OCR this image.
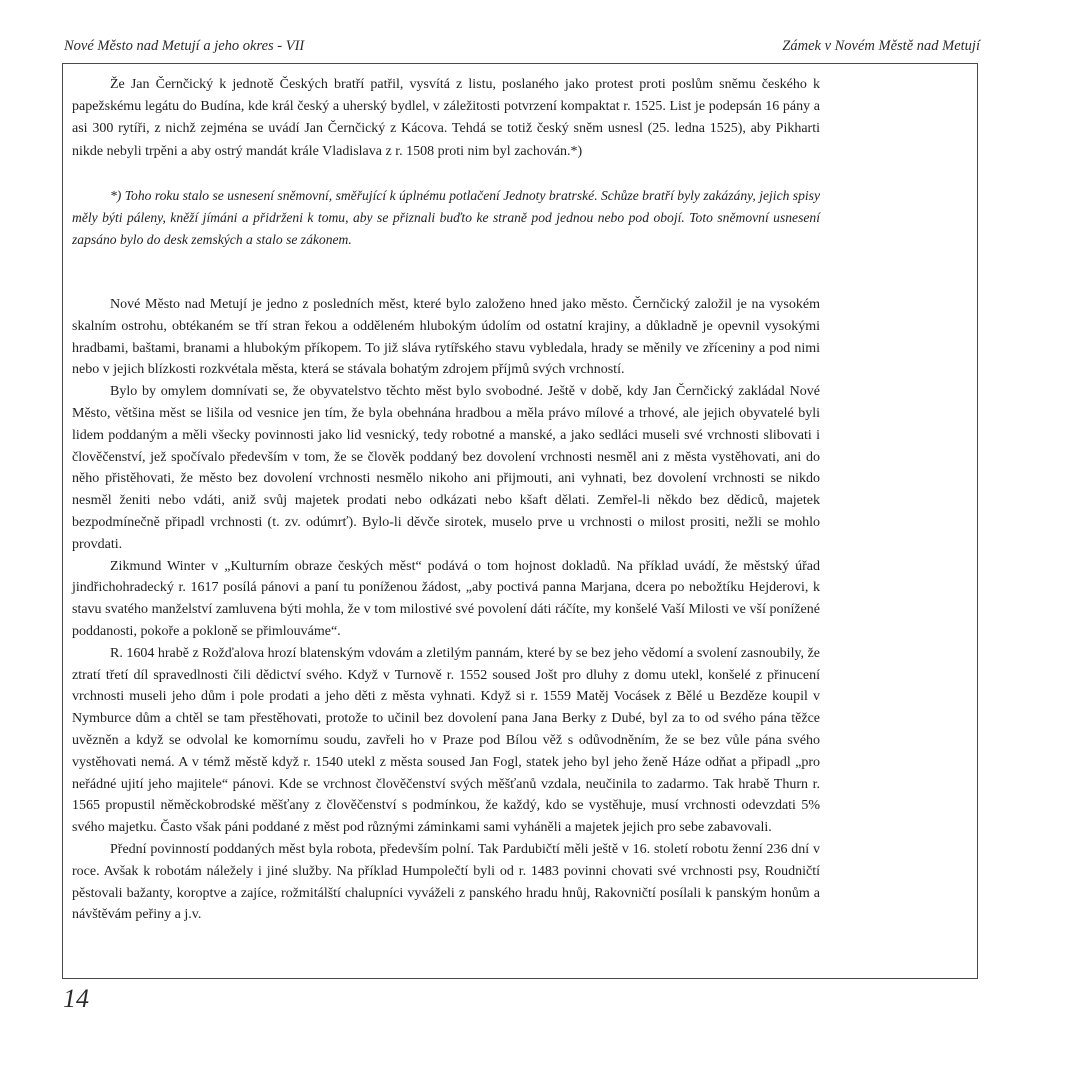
Nové Město nad Metují a jeho okres - VII	Zámek v Novém Městě nad Metují

Že Jan Černčický k jednotě Českých bratří patřil, vysvítá z listu, poslaného jako protest proti poslům sněmu českého k papežskému legátu do Budína, kde král český a uherský bydlel, v záležitosti potvrzení kompaktat r. 1525. List je podepsán 16 pány a asi 300 rytíři, z nichž zejména se uvádí Jan Černčický z Kácova. Tehdá se totiž český sněm usnesl (25. ledna 1525), aby Pikharti nikde nebyli trpěni a aby ostrý mandát krále Vladislava z r. 1508 proti nim byl zachován.*)

*) Toho roku stalo se usnesení sněmovní, směřující k úplnému potlačení Jednoty bratrské. Schůze bratří byly zakázány, jejich spisy měly býti páleny, kněží jímáni a přidrženi k tomu, aby se přiznali buďto ke straně pod jednou nebo pod obojí. Toto sněmovní usnesení zapsáno bylo do desk zemských a stalo se zákonem.

Nové Město nad Metují je jedno z posledních měst, které bylo založeno hned jako město. Černčický založil je na vysokém skalním ostrohu, obtékaném se tří stran řekou a odděleném hlubokým údolím od ostatní krajiny, a důkladně je opevnil vysokými hradbami, baštami, branami a hlubokým příkopem. To již sláva rytířského stavu vybledala, hrady se měnily ve zříceniny a pod nimi nebo v jejich blízkosti rozkvétala města, která se stávala bohatým zdrojem příjmů svých vrchností.

Bylo by omylem domnívati se, že obyvatelstvo těchto měst bylo svobodné. Ještě v době, kdy Jan Černčický zakládal Nové Město, většina měst se lišila od vesnice jen tím, že byla obehnána hradbou a měla právo mílové a trhové, ale jejich obyvatelé byli lidem poddaným a měli všecky povinnosti jako lid vesnický, tedy robotné a manské, a jako sedláci museli své vrchnosti slibovati i člověčenství, jež spočívalo především v tom, že se člověk poddaný bez dovolení vrchnosti nesměl ani z města vystěhovati, ani do něho přistěhovati, že město bez dovolení vrchnosti nesmělo nikoho ani přijmouti, ani vyhnati, bez dovolení vrchnosti se nikdo nesměl ženiti nebo vdáti, aniž svůj majetek prodati nebo odkázati nebo kšaft dělati. Zemřel-li někdo bez dědiců, majetek bezpodmínečně připadl vrchnosti (t. zv. odúmrť). Bylo-li děvče sirotek, muselo prve u vrchnosti o milost prositi, nežli se mohlo provdati.

Zikmund Winter v „Kulturním obraze českých měst“ podává o tom hojnost dokladů. Na příklad uvádí, že městský úřad jindřichohradecký r. 1617 posílá pánovi a paní tu poníženou žádost, „aby poctivá panna Marjana, dcera po nebožtíku Hejderovi, k stavu svatého manželství zamluvena býti mohla, že v tom milostivé své povolení dáti ráčíte, my konšelé Vaší Milosti ve vší ponížené poddanosti, pokoře a pokloně se přimlouváme“.

R. 1604 hrabě z Rožďalova hrozí blatenským vdovám a zletilým pannám, které by se bez jeho vědomí a svolení zasnoubily, že ztratí třetí díl spravedlnosti čili dědictví svého. Když v Turnově r. 1552 soused Jošt pro dluhy z domu utekl, konšelé z přinucení vrchnosti museli jeho dům i pole prodati a jeho děti z města vyhnati. Když si r. 1559 Matěj Vocásek z Bělé u Bezděze koupil v Nymburce dům a chtěl se tam přestěhovati, protože to učinil bez dovolení pana Jana Berky z Dubé, byl za to od svého pána těžce uvězněn a když se odvolal ke komornímu soudu, zavřeli ho v Praze pod Bílou věž s odůvodněním, že se bez vůle pána svého vystěhovati nemá. A v témž městě když r. 1540 utekl z města soused Jan Fogl, statek jeho byl jeho ženě Háze odňat a připadl „pro neřádné ujití jeho majitele“ pánovi. Kde se vrchnost člověčenství svých měšťanů vzdala, neučinila to zadarmo. Tak hrabě Thurn r. 1565 propustil něměckobrodské měšťany z člověčenství s podmínkou, že každý, kdo se vystěhuje, musí vrchnosti odevzdati 5% svého majetku. Často však páni poddané z měst pod různými záminkami sami vyháněli a majetek jejich pro sebe zabavovali.

Přední povinností poddaných měst byla robota, především polní. Tak Pardubičtí měli ještě v 16. století robotu ženní 236 dní v roce. Avšak k robotám náležely i jiné služby. Na příklad Humpolečtí byli od r. 1483 povinni chovati své vrchnosti psy, Roudničtí pěstovali bažanty, koroptve a zajíce, rožmitálští chalupníci vyváželi z panského hradu hnůj, Rakovničtí posílali k panským honům a návštěvám peřiny a j.v.

14
